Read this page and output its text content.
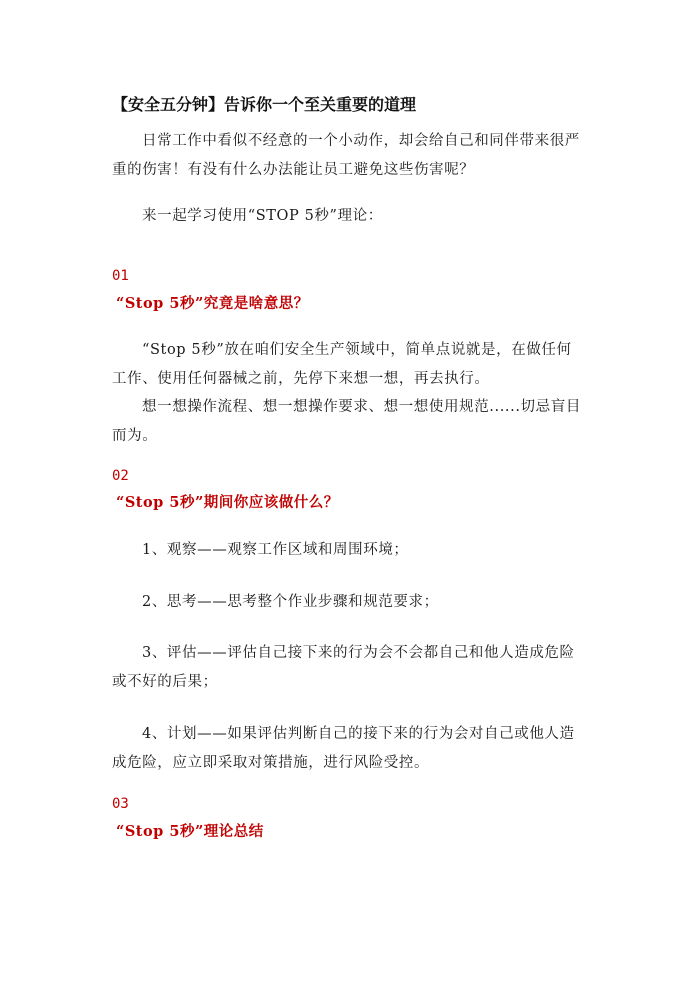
【安全五分钟】告诉你一个至关重要的道理
日常工作中看似不经意的一个小动作，却会给自己和同伴带来很严重的伤害！有没有什么办法能让员工避免这些伤害呢？
来一起学习使用“STOP 5秒”理论：
01
“Stop 5秒”究竟是啥意思？
“Stop 5秒”放在咱们安全生产领域中，简单点说就是，在做任何工作、使用任何器械之前，先停下来想一想，再去执行。
想一想操作流程、想一想操作要求、想一想使用规范......切忌盲目而为。
02
“Stop 5秒”期间你应该做什么？
1、观察——观察工作区域和周围环境；
2、思考——思考整个作业步骤和规范要求；
3、评估——评估自己接下来的行为会不会都自己和他人造成危险或不好的后果；
4、计划——如果评估判断自己的接下来的行为会对自己或他人造成危险，应立即采取对策措施，进行风险受控。
03
“Stop 5秒”理论总结
